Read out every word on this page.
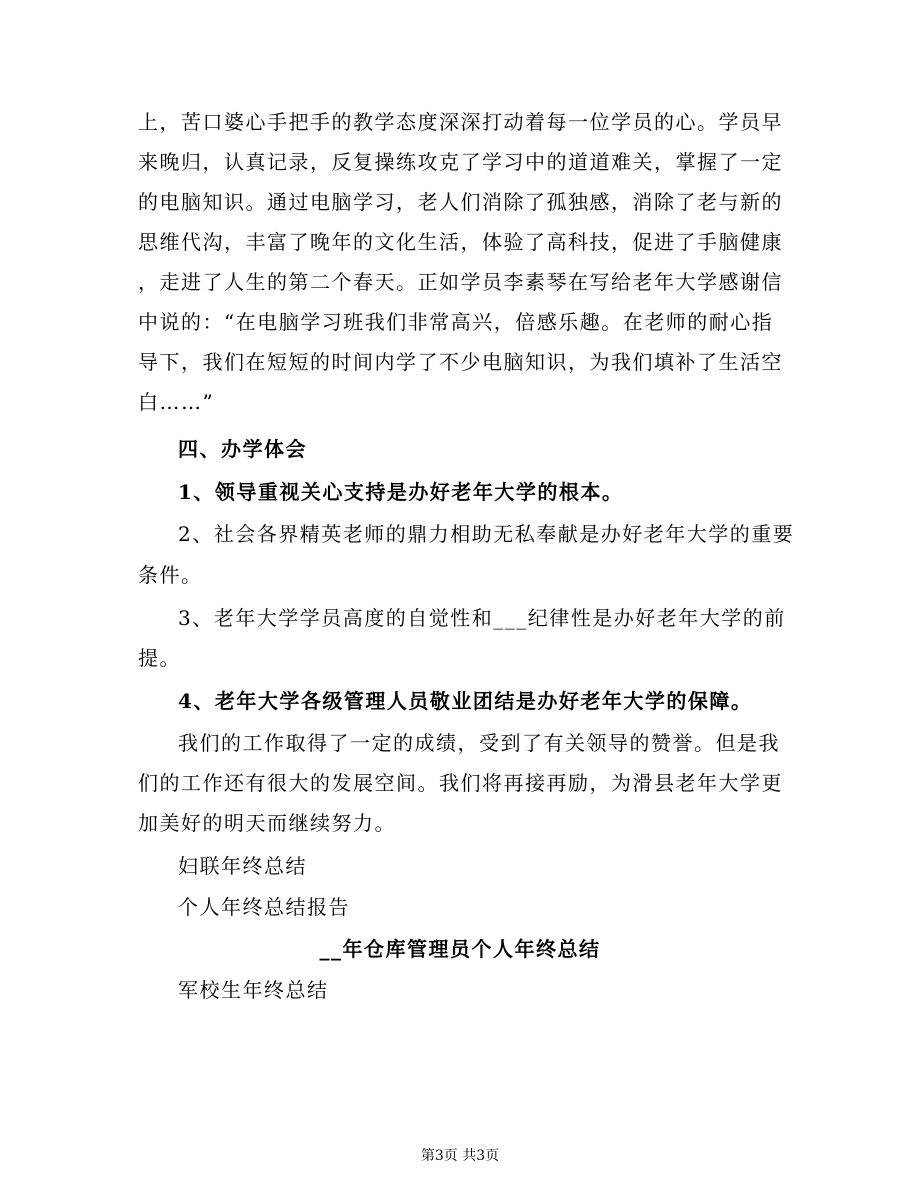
上，苦口婆心手把手的教学态度深深打动着每一位学员的心。学员早
来晚归，认真记录，反复操练攻克了学习中的道道难关，掌握了一定
的电脑知识。通过电脑学习，老人们消除了孤独感，消除了老与新的
思维代沟，丰富了晚年的文化生活，体验了高科技，促进了手脑健康
，走进了人生的第二个春天。正如学员李素琴在写给老年大学感谢信
中说的：“在电脑学习班我们非常高兴，倍感乐趣。在老师的耐心指
导下，我们在短短的时间内学了不少电脑知识，为我们填补了生活空
白……”
四、办学体会
1、领导重视关心支持是办好老年大学的根本。
2、社会各界精英老师的鼎力相助无私奉献是办好老年大学的重要
条件。
3、老年大学学员高度的自觉性和___纪律性是办好老年大学的前
提。
4、老年大学各级管理人员敬业团结是办好老年大学的保障。
我们的工作取得了一定的成绩，受到了有关领导的赞誉。但是我
们的工作还有很大的发展空间。我们将再接再励，为滑县老年大学更
加美好的明天而继续努力。
妇联年终总结
个人年终总结报告
__年仓库管理员个人年终总结
军校生年终总结
第3页 共3页
